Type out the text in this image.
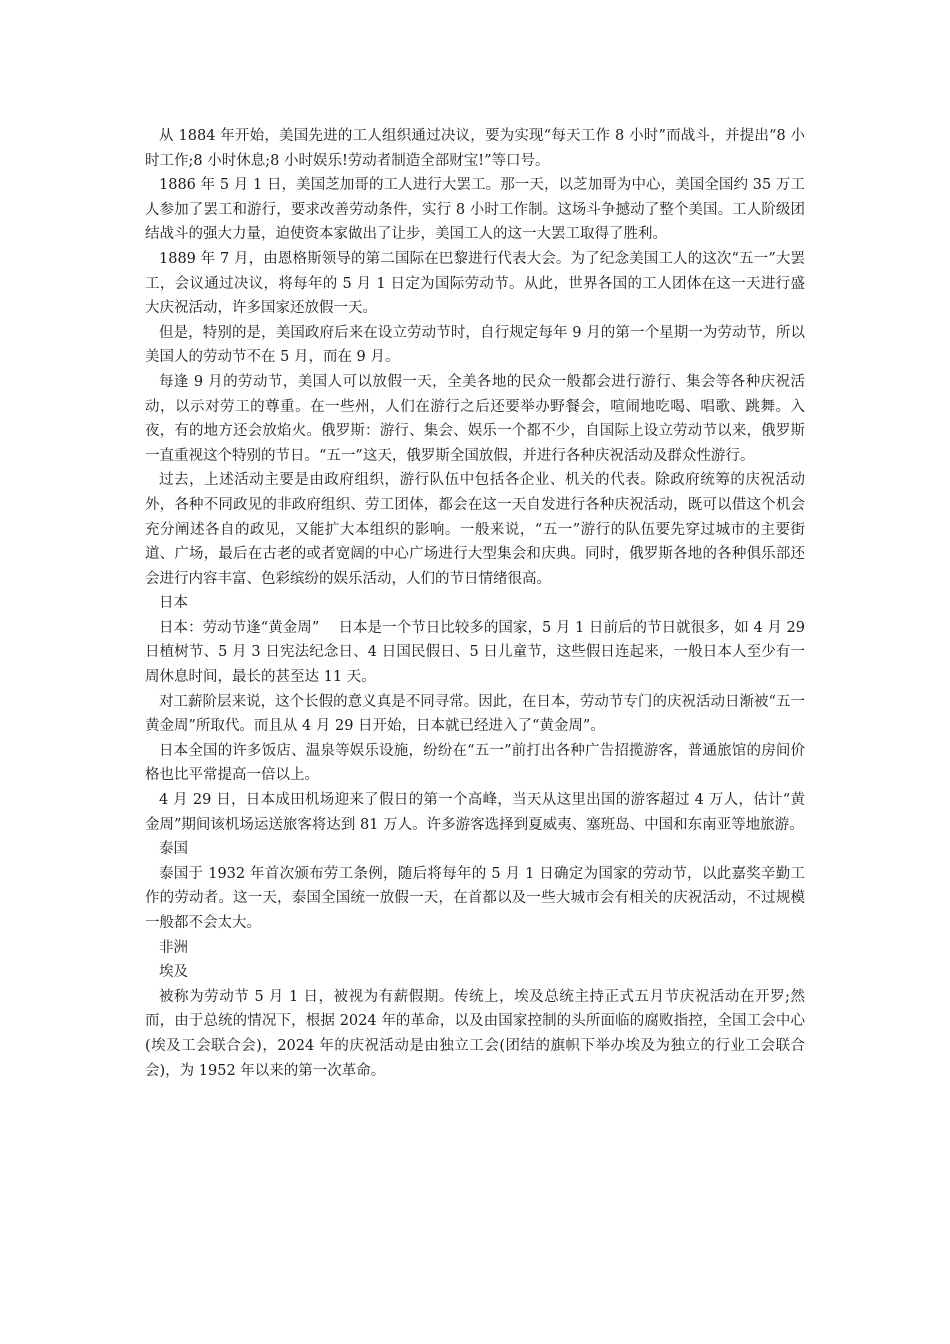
从 1884 年开始，美国先进的工人组织通过决议，要为实现“每天工作 8 小时”而战斗，并提出“8 小时工作;8 小时休息;8 小时娱乐!劳动者制造全部财宝!”等口号。

1886 年 5 月 1 日，美国芝加哥的工人进行大罢工。那一天，以芝加哥为中心，美国全国约 35 万工人参加了罢工和游行，要求改善劳动条件，实行 8 小时工作制。这场斗争撼动了整个美国。工人阶级团结战斗的强大力量，迫使资本家做出了让步，美国工人的这一大罢工取得了胜利。

1889 年 7 月，由恩格斯领导的第二国际在巴黎进行代表大会。为了纪念美国工人的这次“五一”大罢工，会议通过决议，将每年的 5 月 1 日定为国际劳动节。从此，世界各国的工人团体在这一天进行盛大庆祝活动，许多国家还放假一天。

但是，特别的是，美国政府后来在设立劳动节时，自行规定每年 9 月的第一个星期一为劳动节，所以美国人的劳动节不在 5 月，而在 9 月。

每逢 9 月的劳动节，美国人可以放假一天，全美各地的民众一般都会进行游行、集会等各种庆祝活动，以示对劳工的尊重。在一些州，人们在游行之后还要举办野餐会，喧闹地吃喝、唱歌、跳舞。入夜，有的地方还会放焰火。俄罗斯：游行、集会、娱乐一个都不少，自国际上设立劳动节以来，俄罗斯一直重视这个特别的节日。“五一”这天，俄罗斯全国放假，并进行各种庆祝活动及群众性游行。

过去，上述活动主要是由政府组织，游行队伍中包括各企业、机关的代表。除政府统筹的庆祝活动外，各种不同政见的非政府组织、劳工团体，都会在这一天自发进行各种庆祝活动，既可以借这个机会充分阐述各自的政见，又能扩大本组织的影响。一般来说，“五一”游行的队伍要先穿过城市的主要街道、广场，最后在古老的或者宽阔的中心广场进行大型集会和庆典。同时，俄罗斯各地的各种俱乐部还会进行内容丰富、色彩缤纷的娱乐活动，人们的节日情绪很高。

日本

日本：劳动节逢“黄金周”　 日本是一个节日比较多的国家，5 月 1 日前后的节日就很多，如 4 月 29 日植树节、5 月 3 日宪法纪念日、4 日国民假日、5 日儿童节，这些假日连起来，一般日本人至少有一周休息时间，最长的甚至达 11 天。

对工薪阶层来说，这个长假的意义真是不同寻常。因此，在日本，劳动节专门的庆祝活动日渐被“五一黄金周”所取代。而且从 4 月 29 日开始，日本就已经进入了“黄金周”。

日本全国的许多饭店、温泉等娱乐设施，纷纷在“五一”前打出各种广告招揽游客，普通旅馆的房间价格也比平常提高一倍以上。

4 月 29 日，日本成田机场迎来了假日的第一个高峰，当天从这里出国的游客超过 4 万人，估计“黄金周”期间该机场运送旅客将达到 81 万人。许多游客选择到夏威夷、塞班岛、中国和东南亚等地旅游。

泰国

泰国于 1932 年首次颁布劳工条例，随后将每年的 5 月 1 日确定为国家的劳动节，以此嘉奖辛勤工作的劳动者。这一天，泰国全国统一放假一天，在首都以及一些大城市会有相关的庆祝活动，不过规模一般都不会太大。

非洲

埃及

被称为劳动节 5 月 1 日，被视为有薪假期。传统上，埃及总统主持正式五月节庆祝活动在开罗;然而，由于总统的情况下，根据 2024 年的革命，以及由国家控制的头所面临的腐败指控，全国工会中心(埃及工会联合会)，2024 年的庆祝活动是由独立工会(团结的旗帜下举办埃及为独立的行业工会联合会)，为 1952 年以来的第一次革命。
